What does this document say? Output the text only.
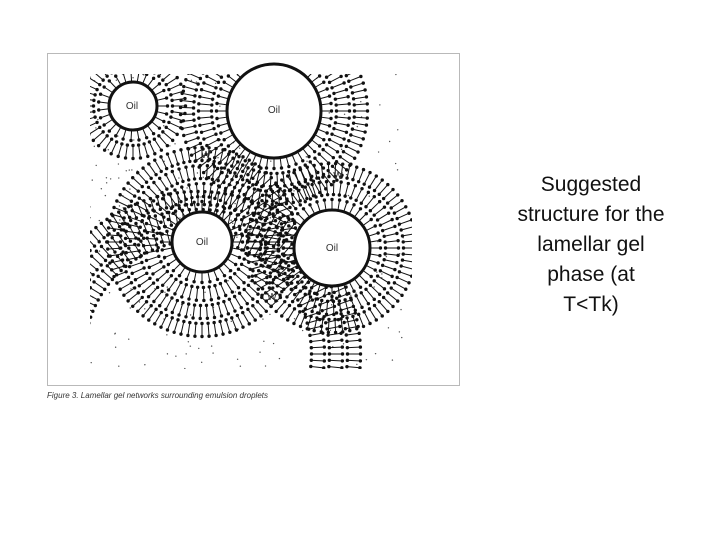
Oil	Oil
Oil
Oil
W
W
W
Figure 3. Lamellar gel networks surrounding emulsion droplets
Suggested
structure for the
lamellar gel
phase (at
T<Tk)
